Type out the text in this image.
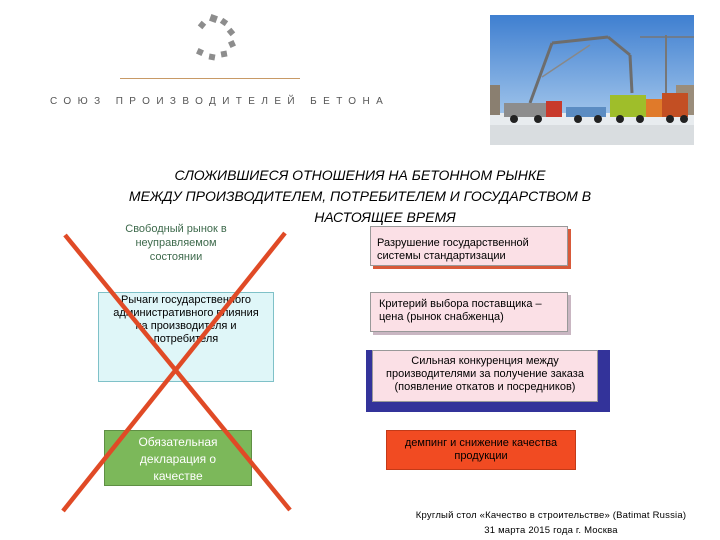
СОЮЗ ПРОИЗВОДИТЕЛЕЙ БЕТОНА
СЛОЖИВШИЕСЯ ОТНОШЕНИЯ НА БЕТОННОМ РЫНКЕ
МЕЖДУ ПРОИЗВОДИТЕЛЕМ, ПОТРЕБИТЕЛЕМ И ГОСУДАРСТВОМ В
НАСТОЯЩЕЕ ВРЕМЯ
Свободный рынок в
неуправляемом
состоянии
Рычаги государственного
административного влияния
на производителя и
потребителя
Обязательная
декларация о
качестве
Разрушение государственной
системы стандартизации
Критерий выбора поставщика –
цена (рынок снабженца)
Сильная конкуренция между
производителями за получение заказа
(появление откатов и посредников)
демпинг и снижение качества
продукции
Круглый стол «Качество в строительстве» (Batimat Russia)
31 марта 2015 года г. Москва
